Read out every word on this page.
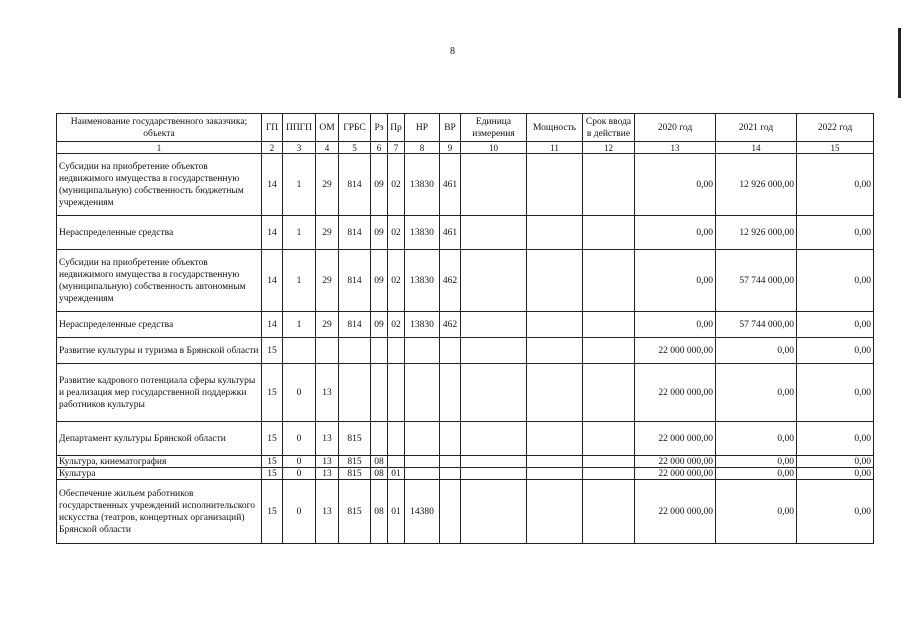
8
Наименование государственного заказчика; объекта	ГП	ППГП	ОМ	ГРБС	Рз	Пр	НР	ВР	Единица измерения	Мощность	Срок ввода в действие	2020 год	2021 год	2022 год
1	2	3	4	5	6	7	8	9	10	11	12	13	14	15
Субсидии на приобретение объектов недвижимого имущества в государственную (муниципальную) собственность бюджетным учреждениям	14	1	29	814	09	02	13830	461				0,00	12 926 000,00	0,00
Нераспределенные средства	14	1	29	814	09	02	13830	461				0,00	12 926 000,00	0,00
Субсидии на приобретение объектов недвижимого имущества в государственную (муниципальную) собственность автономным учреждениям	14	1	29	814	09	02	13830	462				0,00	57 744 000,00	0,00
Нераспределенные средства	14	1	29	814	09	02	13830	462				0,00	57 744 000,00	0,00
Развитие культуры и туризма в Брянской области	15											22 000 000,00	0,00	0,00
Развитие кадрового потенциала сферы культуры и реализация мер государственной поддержки работников культуры	15	0	13									22 000 000,00	0,00	0,00
Департамент культуры Брянской области	15	0	13	815								22 000 000,00	0,00	0,00
Культура, кинематография	15	0	13	815	08							22 000 000,00	0,00	0,00
Культура	15	0	13	815	08	01						22 000 000,00	0,00	0,00
Обеспечение жильем работников государственных учреждений исполнительского искусства (театров, концертных организаций) Брянской области	15	0	13	815	08	01	14380					22 000 000,00	0,00	0,00
